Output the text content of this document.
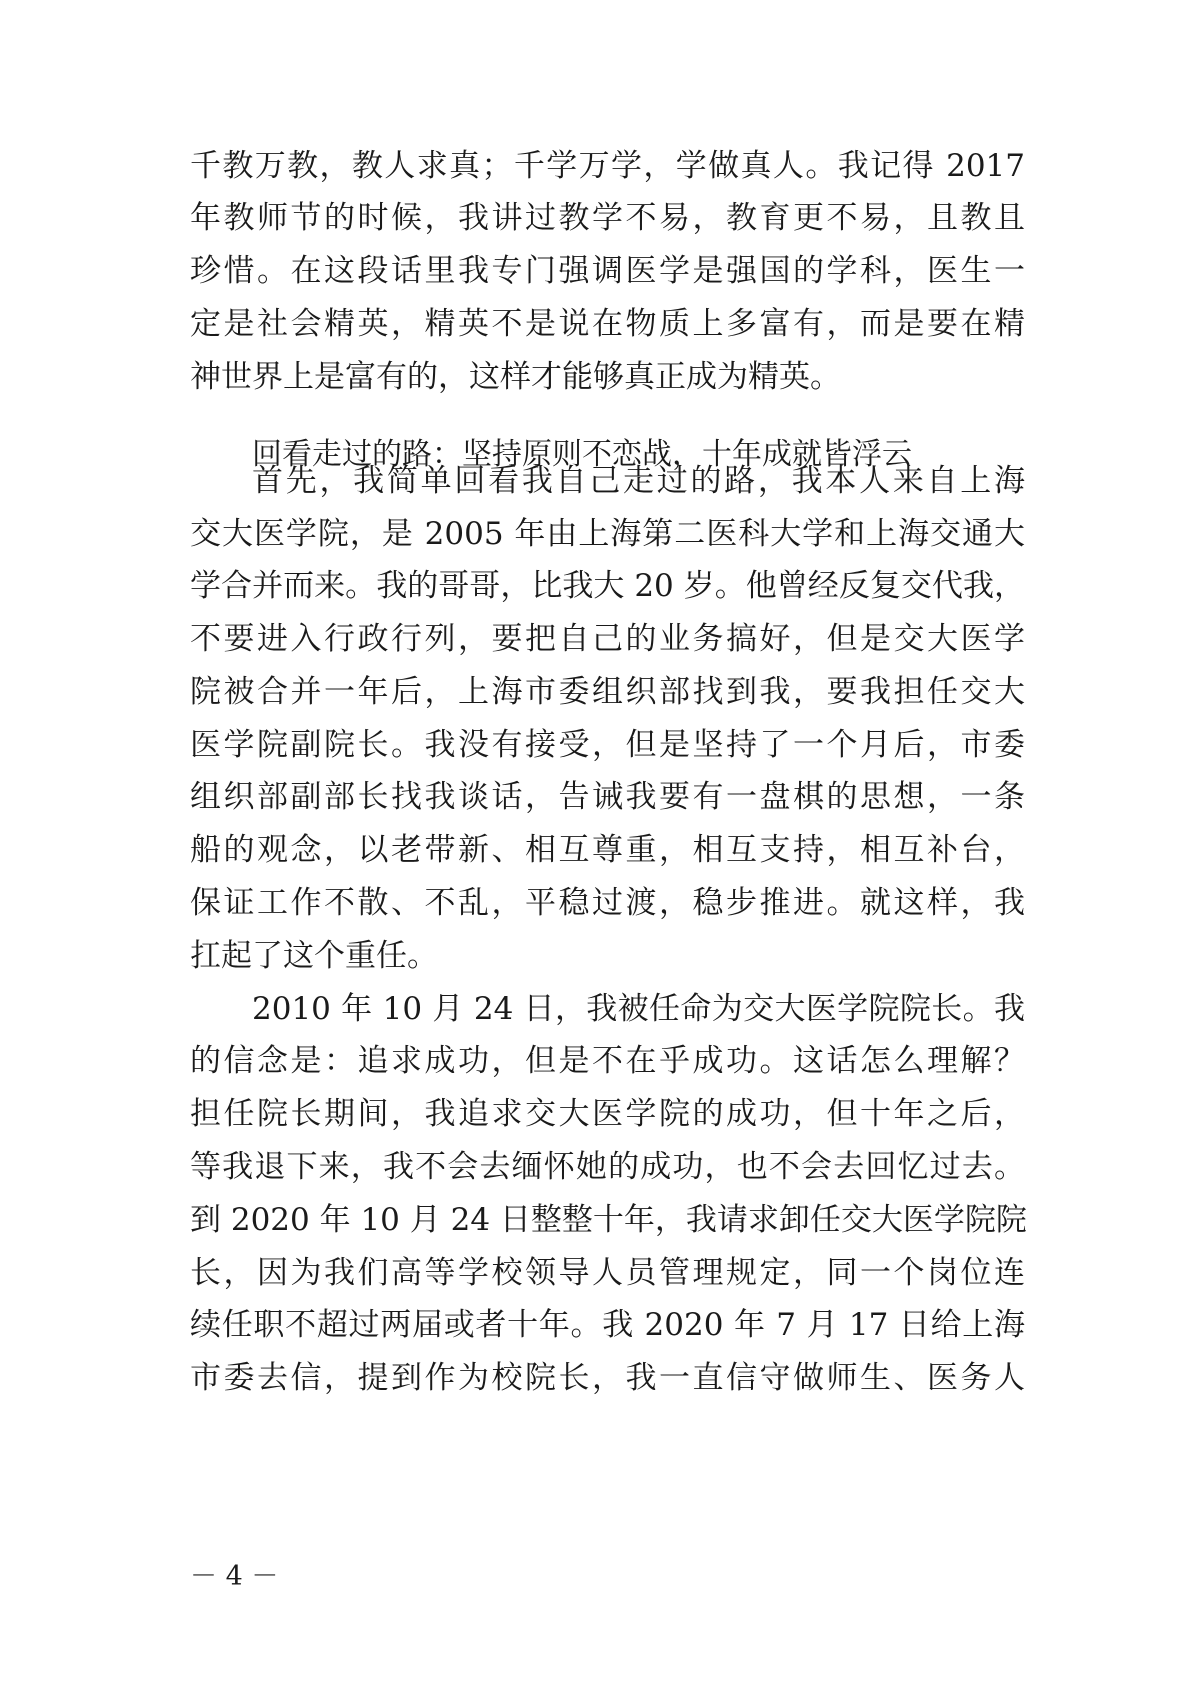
千教万教，教人求真；千学万学，学做真人。我记得 2017
年教师节的时候，我讲过教学不易，教育更不易，且教且
珍惜。在这段话里我专门强调医学是强国的学科，医生一
定是社会精英，精英不是说在物质上多富有，而是要在精
神世界上是富有的，这样才能够真正成为精英。
回看走过的路：坚持原则不恋战，十年成就皆浮云
首先，我简单回看我自己走过的路，我本人来自上海
交大医学院，是 2005 年由上海第二医科大学和上海交通大
学合并而来。我的哥哥，比我大 20 岁。他曾经反复交代我，
不要进入行政行列，要把自己的业务搞好，但是交大医学
院被合并一年后，上海市委组织部找到我，要我担任交大
医学院副院长。我没有接受，但是坚持了一个月后，市委
组织部副部长找我谈话，告诫我要有一盘棋的思想，一条
船的观念，以老带新、相互尊重，相互支持，相互补台，
保证工作不散、不乱，平稳过渡，稳步推进。就这样，我
扛起了这个重任。
2010 年 10 月 24 日，我被任命为交大医学院院长。我
的信念是：追求成功，但是不在乎成功。这话怎么理解？
担任院长期间，我追求交大医学院的成功，但十年之后，
等我退下来，我不会去缅怀她的成功，也不会去回忆过去。
到 2020 年 10 月 24 日整整十年，我请求卸任交大医学院院
长，因为我们高等学校领导人员管理规定，同一个岗位连
续任职不超过两届或者十年。我 2020 年 7 月 17 日给上海
市委去信，提到作为校院长，我一直信守做师生、医务人
－ 4 －
